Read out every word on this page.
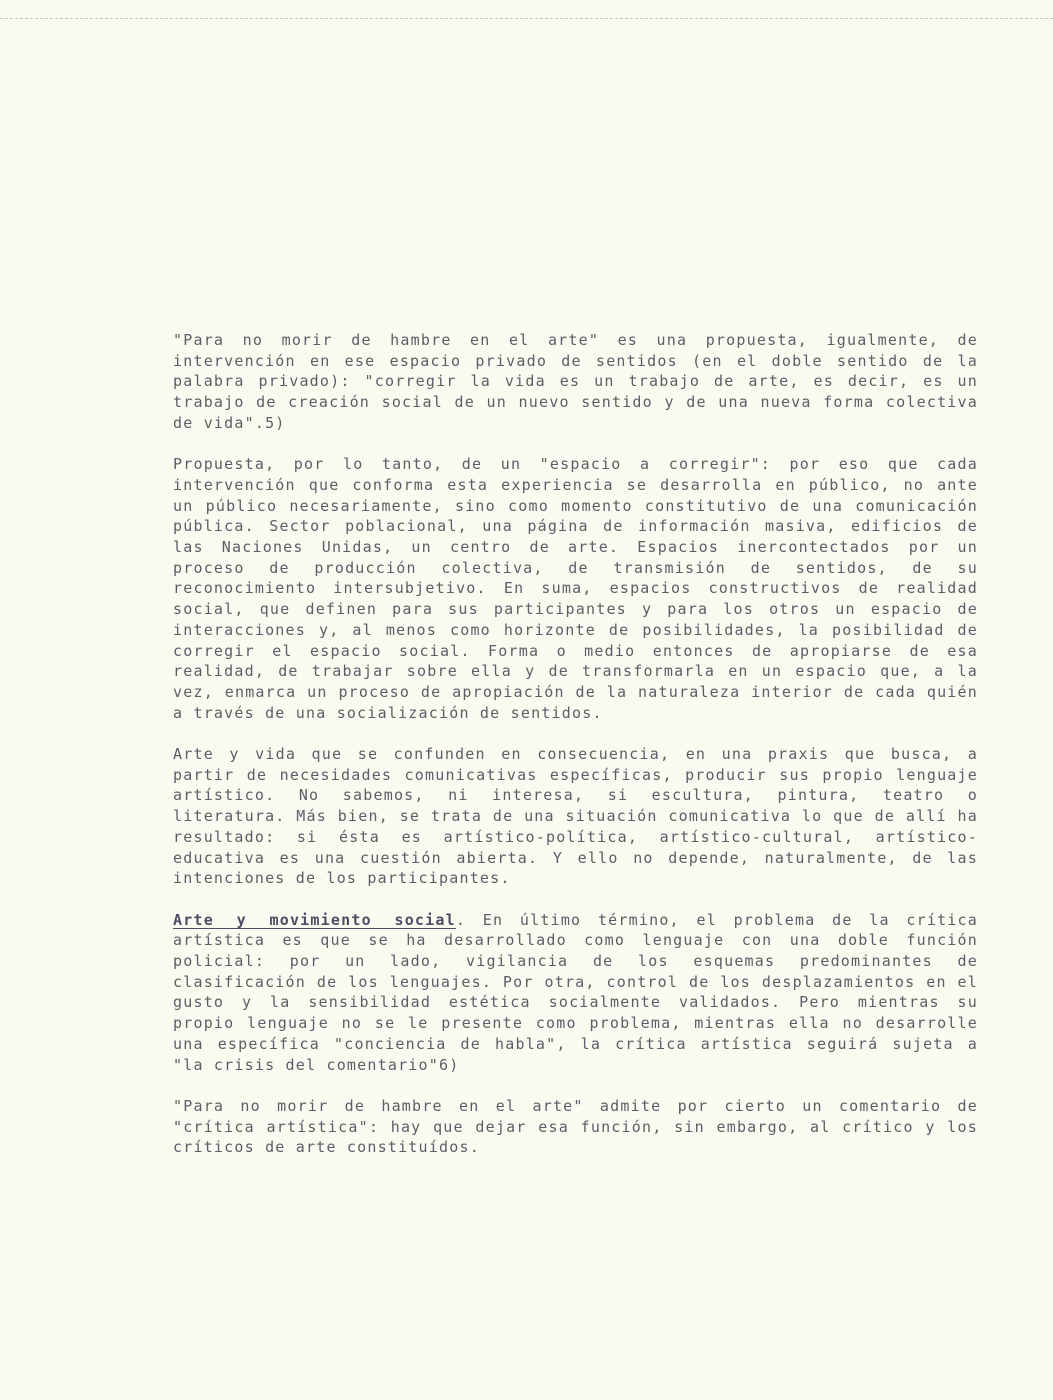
"Para no morir de hambre en el arte" es una propuesta, igualmente, de intervención en ese espacio privado de sentidos (en el doble sentido de la palabra privado): "corregir la vida es un trabajo de arte, es decir, es un trabajo de creación social de un nuevo sentido y de una nueva forma colectiva de vida".5)

Propuesta, por lo tanto, de un "espacio a corregir": por eso que cada intervención que conforma esta experiencia se desarrolla en público, no ante un público necesariamente, sino como momento constitutivo de una comunicación pública. Sector poblacional, una página de información masiva, edificios de las Naciones Unidas, un centro de arte. Espacios inercontectados por un proceso de producción colectiva, de transmisión de sentidos, de su reconocimiento intersubjetivo. En suma, espacios constructivos de realidad social, que definen para sus participantes y para los otros un espacio de interacciones y, al menos como horizonte de posibilidades, la posibilidad de corregir el espacio social. Forma o medio entonces de apropiarse de esa realidad, de trabajar sobre ella y de transformarla en un espacio que, a la vez, enmarca un proceso de apropiación de la naturaleza interior de cada quién a través de una socialización de sentidos.

Arte y vida que se confunden en consecuencia, en una praxis que busca, a partir de necesidades comunicativas específicas, producir sus propio lenguaje artístico. No sabemos, ni interesa, si escultura, pintura, teatro o literatura. Más bien, se trata de una situación comunicativa lo que de allí ha resultado: si ésta es artístico-política, artístico-cultural, artístico-educativa es una cuestión abierta. Y ello no depende, naturalmente, de las intenciones de los participantes.

Arte y movimiento social. En último término, el problema de la crítica artística es que se ha desarrollado como lenguaje con una doble función policial: por un lado, vigilancia de los esquemas predominantes de clasificación de los lenguajes. Por otra, control de los desplazamientos en el gusto y la sensibilidad estética socialmente validados. Pero mientras su propio lenguaje no se le presente como problema, mientras ella no desarrolle una específica "conciencia de habla", la crítica artística seguirá sujeta a "la crisis del comentario"6)

"Para no morir de hambre en el arte" admite por cierto un comentario de "crítica artística": hay que dejar esa función, sin embargo, al crítico y los críticos de arte constituídos.
